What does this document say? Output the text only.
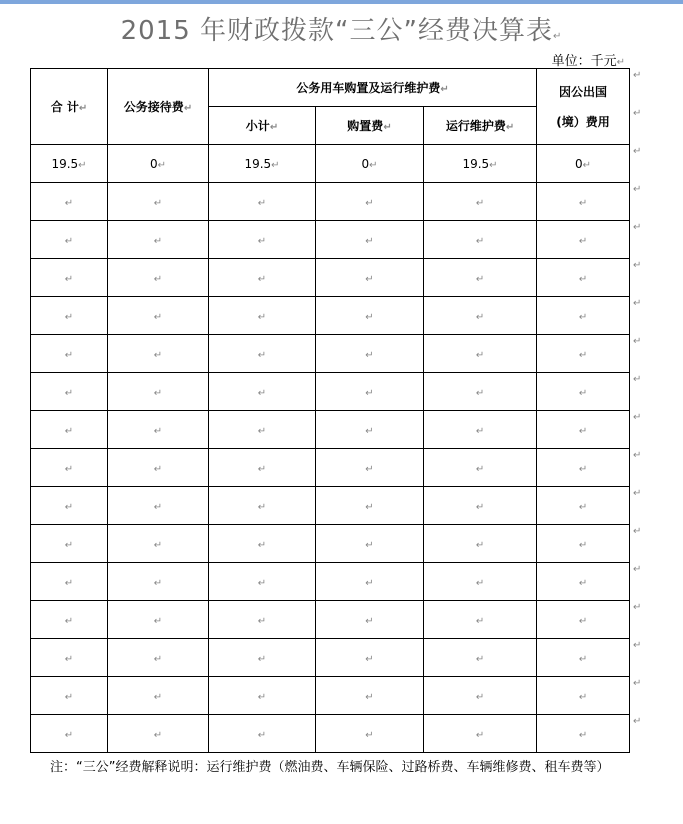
2015 年财政拨款“三公”经费决算表↵
单位：千元↵
合 计↵	公务接待费↵	公务用车购置及运行维护费↵			因公出国
(境）费用
		小计↵	购置费↵	运行维护费↵	
19.5↵	0↵	19.5↵	0↵	19.5↵	0↵
↵	↵	↵	↵	↵	↵
↵	↵	↵	↵	↵	↵
↵	↵	↵	↵	↵	↵
↵	↵	↵	↵	↵	↵
↵	↵	↵	↵	↵	↵
↵	↵	↵	↵	↵	↵
↵	↵	↵	↵	↵	↵
↵	↵	↵	↵	↵	↵
↵	↵	↵	↵	↵	↵
↵	↵	↵	↵	↵	↵
↵	↵	↵	↵	↵	↵
↵	↵	↵	↵	↵	↵
↵	↵	↵	↵	↵	↵
↵	↵	↵	↵	↵	↵
↵	↵	↵	↵	↵	↵
注：“三公”经费解释说明：运行维护费（燃油费、车辆保险、过路桥费、车辆维修费、租车费等）
↵
↵
↵
↵
↵
↵
↵
↵
↵
↵
↵
↵
↵
↵
↵
↵
↵
↵
